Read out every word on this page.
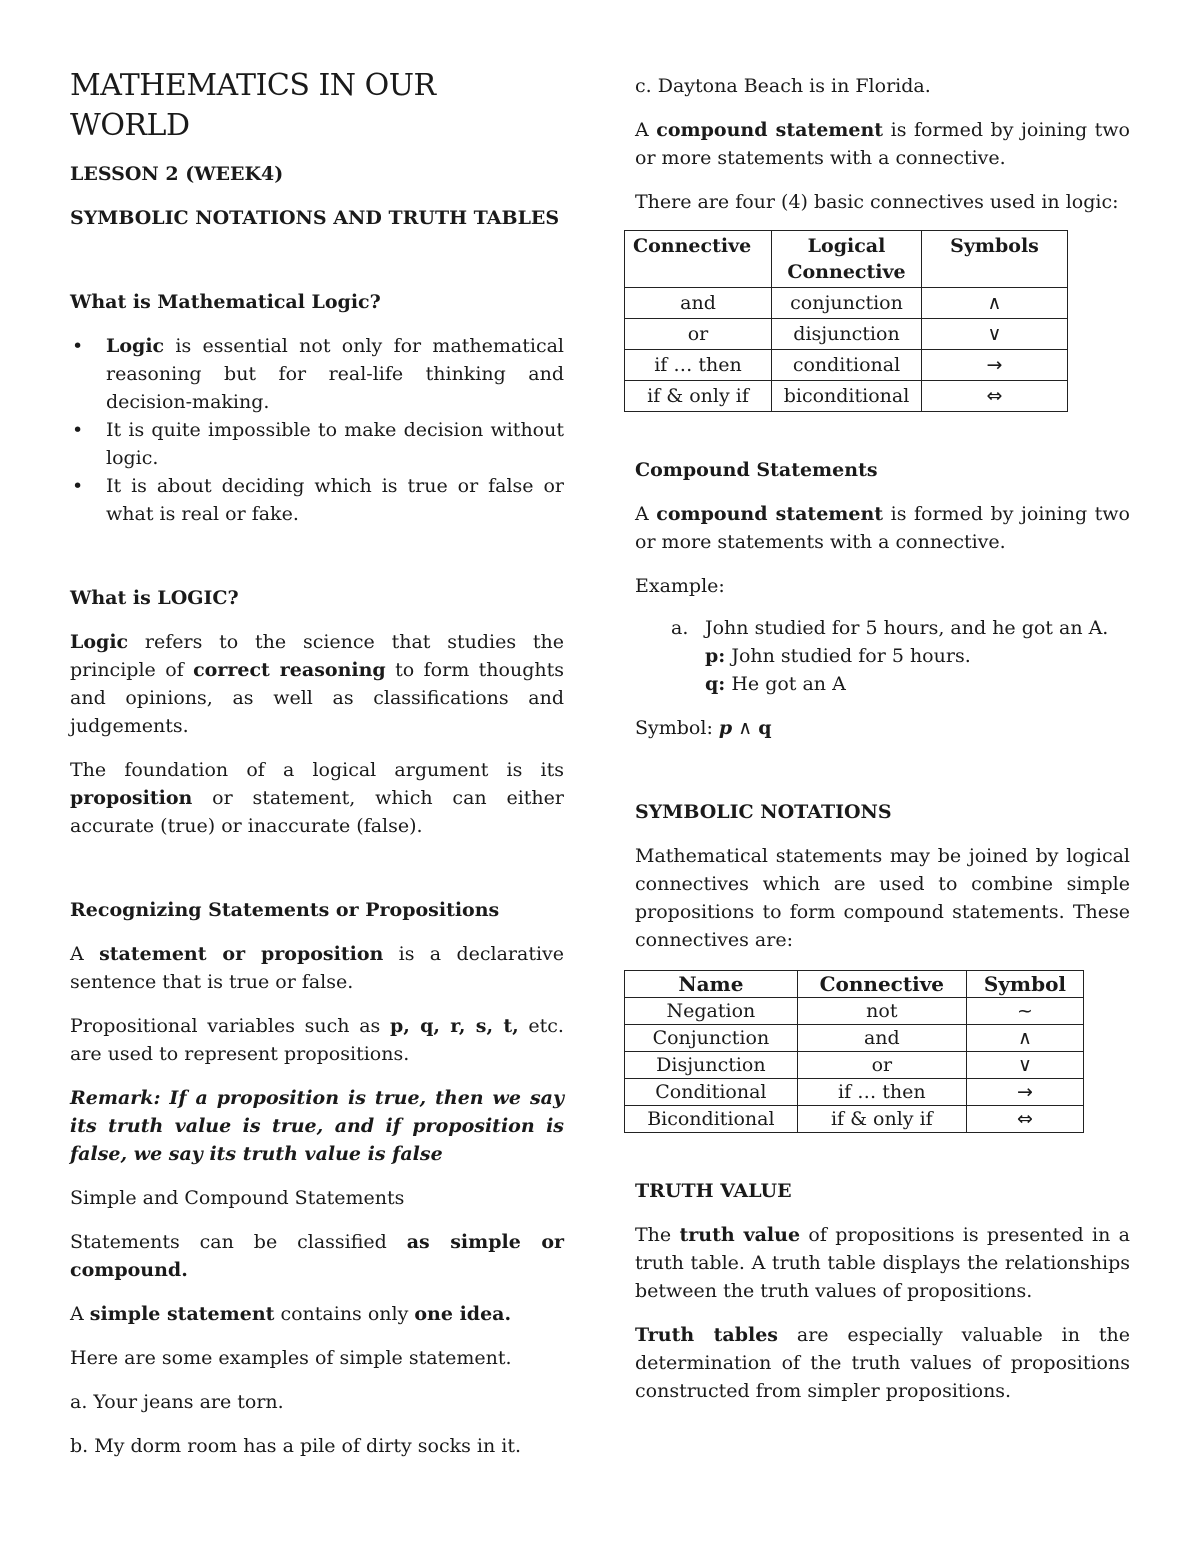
MATHEMATICS IN OUR WORLD

LESSON 2 (WEEK4)

SYMBOLIC NOTATIONS AND TRUTH TABLES

What is Mathematical Logic?

• Logic is essential not only for mathematical reasoning but for real-life thinking and decision-making.
• It is quite impossible to make decision without logic.
• It is about deciding which is true or false or what is real or fake.

What is LOGIC?

Logic refers to the science that studies the principle of correct reasoning to form thoughts and opinions, as well as classifications and judgements.

The foundation of a logical argument is its proposition or statement, which can either accurate (true) or inaccurate (false).

Recognizing Statements or Propositions

A statement or proposition is a declarative sentence that is true or false.

Propositional variables such as p, q, r, s, t, etc. are used to represent propositions.

Remark: If a proposition is true, then we say its truth value is true, and if proposition is false, we say its truth value is false

Simple and Compound Statements

Statements can be classified as simple or compound.

A simple statement contains only one idea.

Here are some examples of simple statement.

a. Your jeans are torn.

b. My dorm room has a pile of dirty socks in it.

c. Daytona Beach is in Florida.

A compound statement is formed by joining two or more statements with a connective.

There are four (4) basic connectives used in logic:

Connective	Logical Connective	Symbols
and	conjunction	∧
or	disjunction	∨
if … then	conditional	→
if & only if	biconditional	⇔

Compound Statements

A compound statement is formed by joining two or more statements with a connective.

Example:

a. John studied for 5 hours, and he got an A.
p: John studied for 5 hours.
q: He got an A

Symbol: p ∧ q

SYMBOLIC NOTATIONS

Mathematical statements may be joined by logical connectives which are used to combine simple propositions to form compound statements. These connectives are:

Name	Connective	Symbol
Negation	not	~
Conjunction	and	∧
Disjunction	or	∨
Conditional	if … then	→
Biconditional	if & only if	⇔

TRUTH VALUE

The truth value of propositions is presented in a truth table. A truth table displays the relationships between the truth values of propositions.

Truth tables are especially valuable in the determination of the truth values of propositions constructed from simpler propositions.
